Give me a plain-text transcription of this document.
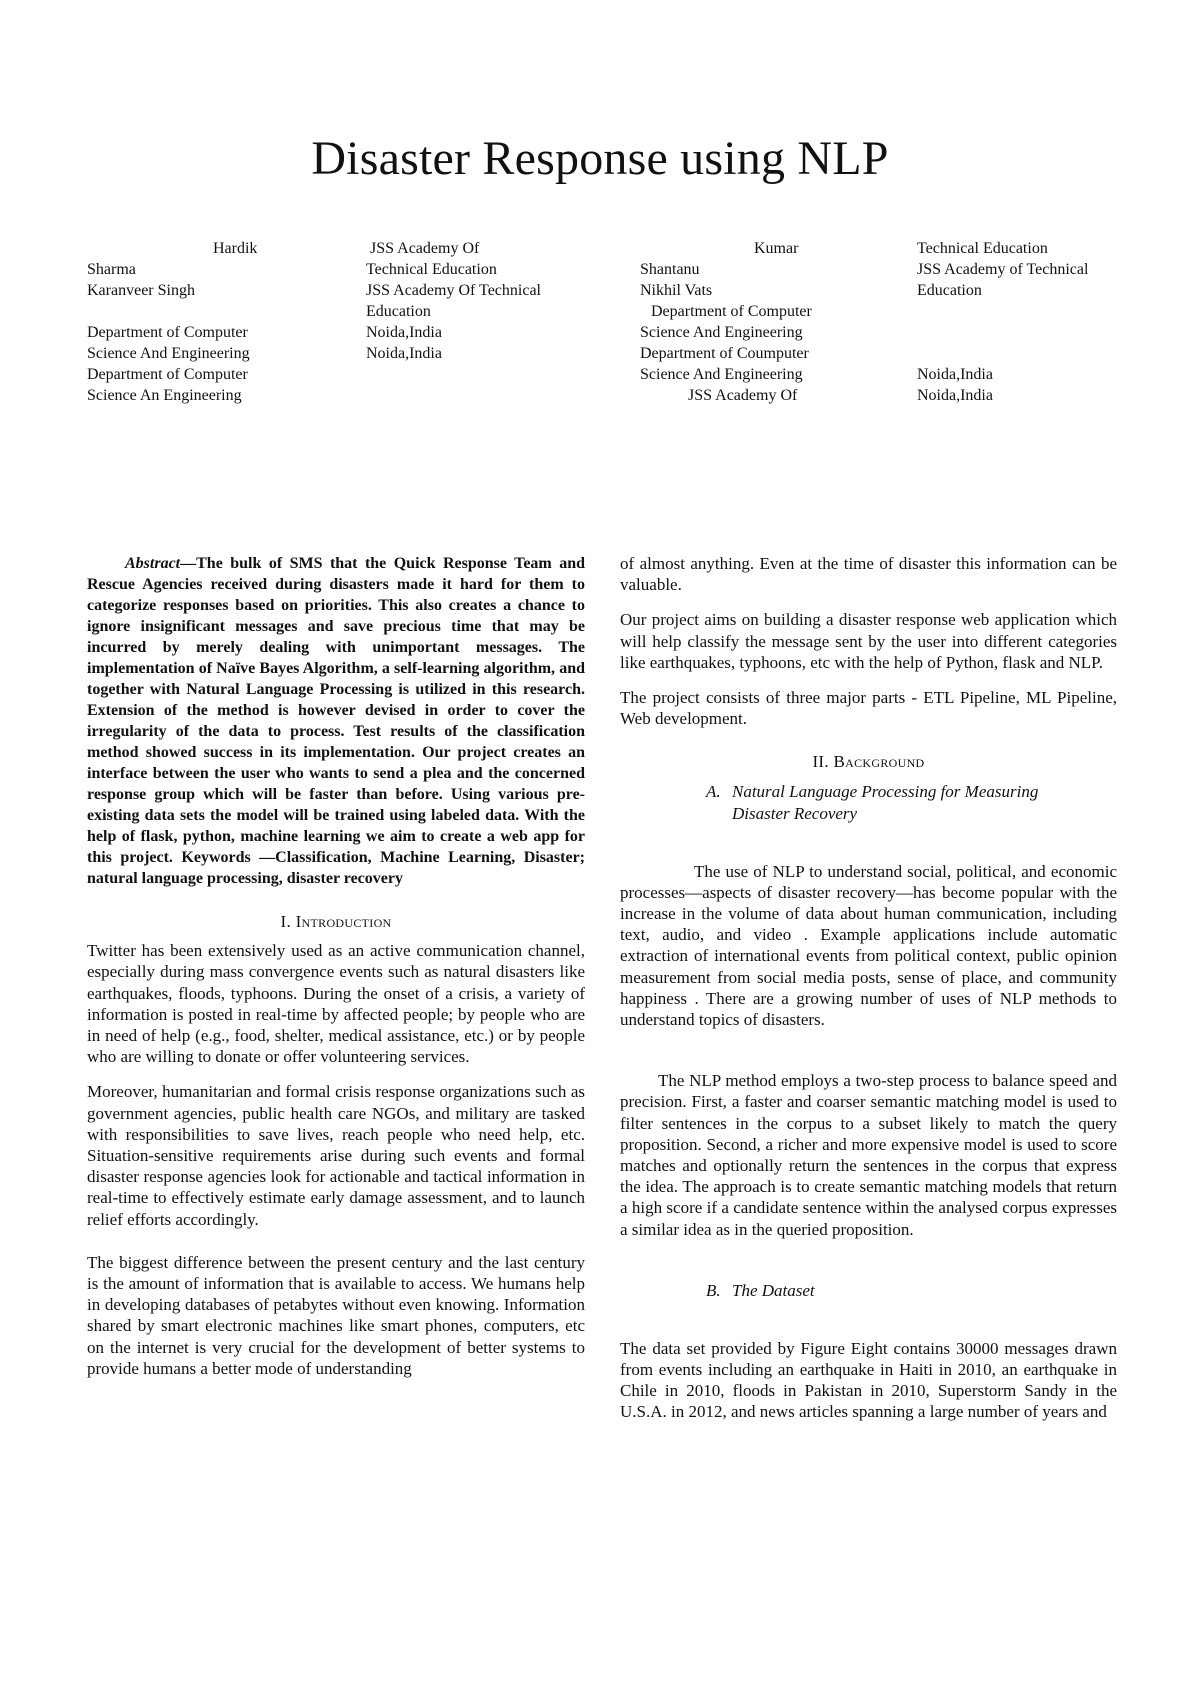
Disaster Response using NLP
Hardik
Sharma
Karanveer Singh
Department of Computer
Science And Engineering
Department of Computer
Science An Engineering
JSS Academy Of
Technical Education
JSS Academy Of Technical
Education
Noida,India
Noida,India
Kumar
Shantanu
Nikhil Vats
Department of Computer
Science And Engineering
Department of Coumputer
Science And Engineering
JSS Academy Of
Technical Education
JSS Academy of Technical
Education
Noida,India
Noida,India

Abstract—The bulk of SMS that the Quick Response Team and Rescue Agencies received during disasters made it hard for them to categorize responses based on priorities. This also creates a chance to ignore insignificant messages and save precious time that may be incurred by merely dealing with unimportant messages. The implementation of Naïve Bayes Algorithm, a self-learning algorithm, and together with Natural Language Processing is utilized in this research. Extension of the method is however devised in order to cover the irregularity of the data to process. Test results of the classification method showed success in its implementation. Our project creates an interface between the user who wants to send a plea and the concerned response group which will be faster than before. Using various pre-existing data sets the model will be trained using labeled data. With the help of flask, python, machine learning we aim to create a web app for this project. Keywords —Classification, Machine Learning, Disaster; natural language processing, disaster recovery

I. Introduction

Twitter has been extensively used as an active communication channel, especially during mass convergence events such as natural disasters like earthquakes, floods, typhoons. During the onset of a crisis, a variety of information is posted in real-time by affected people; by people who are in need of help (e.g., food, shelter, medical assistance, etc.) or by people who are willing to donate or offer volunteering services.

Moreover, humanitarian and formal crisis response organizations such as government agencies, public health care NGOs, and military are tasked with responsibilities to save lives, reach people who need help, etc. Situation-sensitive requirements arise during such events and formal disaster response agencies look for actionable and tactical information in real-time to effectively estimate early damage assessment, and to launch relief efforts accordingly.

The biggest difference between the present century and the last century is the amount of information that is available to access. We humans help in developing databases of petabytes without even knowing. Information shared by smart electronic machines like smart phones, computers, etc on the internet is very crucial for the development of better systems to provide humans a better mode of understanding

of almost anything. Even at the time of disaster this information can be valuable.

Our project aims on building a disaster response web application which will help classify the message sent by the user into different categories like earthquakes, typhoons, etc with the help of Python, flask and NLP.

The project consists of three major parts - ETL Pipeline, ML Pipeline, Web development.

II. Background
A. Natural Language Processing for Measuring
Disaster Recovery

The use of NLP to understand social, political, and economic processes—aspects of disaster recovery—has become popular with the increase in the volume of data about human communication, including text, audio, and video . Example applications include automatic extraction of international events from political context, public opinion measurement from social media posts, sense of place, and community happiness . There are a growing number of uses of NLP methods to understand topics of disasters.

The NLP method employs a two-step process to balance speed and precision. First, a faster and coarser semantic matching model is used to filter sentences in the corpus to a subset likely to match the query proposition. Second, a richer and more expensive model is used to score matches and optionally return the sentences in the corpus that express the idea. The approach is to create semantic matching models that return a high score if a candidate sentence within the analysed corpus expresses a similar idea as in the queried proposition.

B. The Dataset

The data set provided by Figure Eight contains 30000 messages drawn from events including an earthquake in Haiti in 2010, an earthquake in Chile in 2010, floods in Pakistan in 2010, Superstorm Sandy in the U.S.A. in 2012, and news articles spanning a large number of years and
